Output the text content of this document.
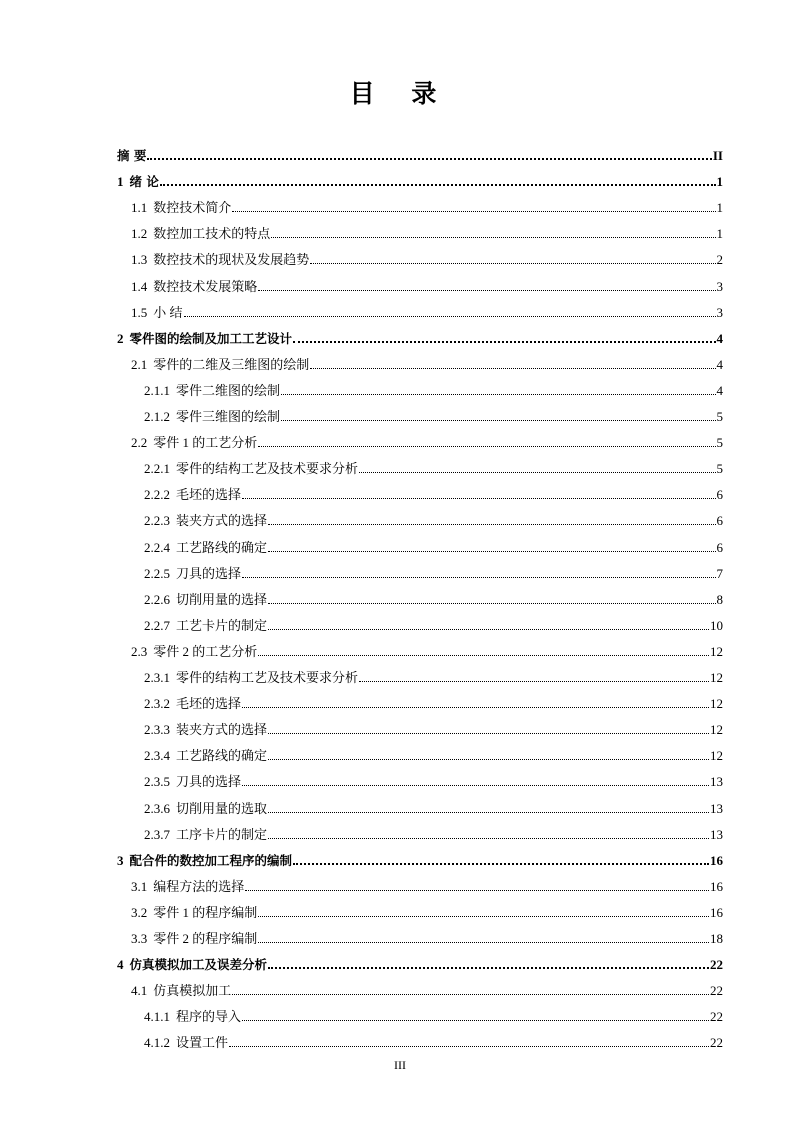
目 录
摘 要	II
1 绪 论	1
1.1 数控技术简介	1
1.2 数控加工技术的特点	1
1.3 数控技术的现状及发展趋势	2
1.4 数控技术发展策略	3
1.5 小 结	3
2 零件图的绘制及加工工艺设计	4
2.1 零件的二维及三维图的绘制	4
2.1.1 零件二维图的绘制	4
2.1.2 零件三维图的绘制	5
2.2 零件 1 的工艺分析	5
2.2.1 零件的结构工艺及技术要求分析	5
2.2.2 毛坯的选择	6
2.2.3 装夹方式的选择	6
2.2.4 工艺路线的确定	6
2.2.5 刀具的选择	7
2.2.6 切削用量的选择	8
2.2.7 工艺卡片的制定	10
2.3 零件 2 的工艺分析	12
2.3.1 零件的结构工艺及技术要求分析	12
2.3.2 毛坯的选择	12
2.3.3 装夹方式的选择	12
2.3.4 工艺路线的确定	12
2.3.5 刀具的选择	13
2.3.6 切削用量的选取	13
2.3.7 工序卡片的制定	13
3 配合件的数控加工程序的编制	16
3.1 编程方法的选择	16
3.2 零件 1 的程序编制	16
3.3 零件 2 的程序编制	18
4 仿真模拟加工及误差分析	22
4.1 仿真模拟加工	22
4.1.1 程序的导入	22
4.1.2 设置工件	22
III
